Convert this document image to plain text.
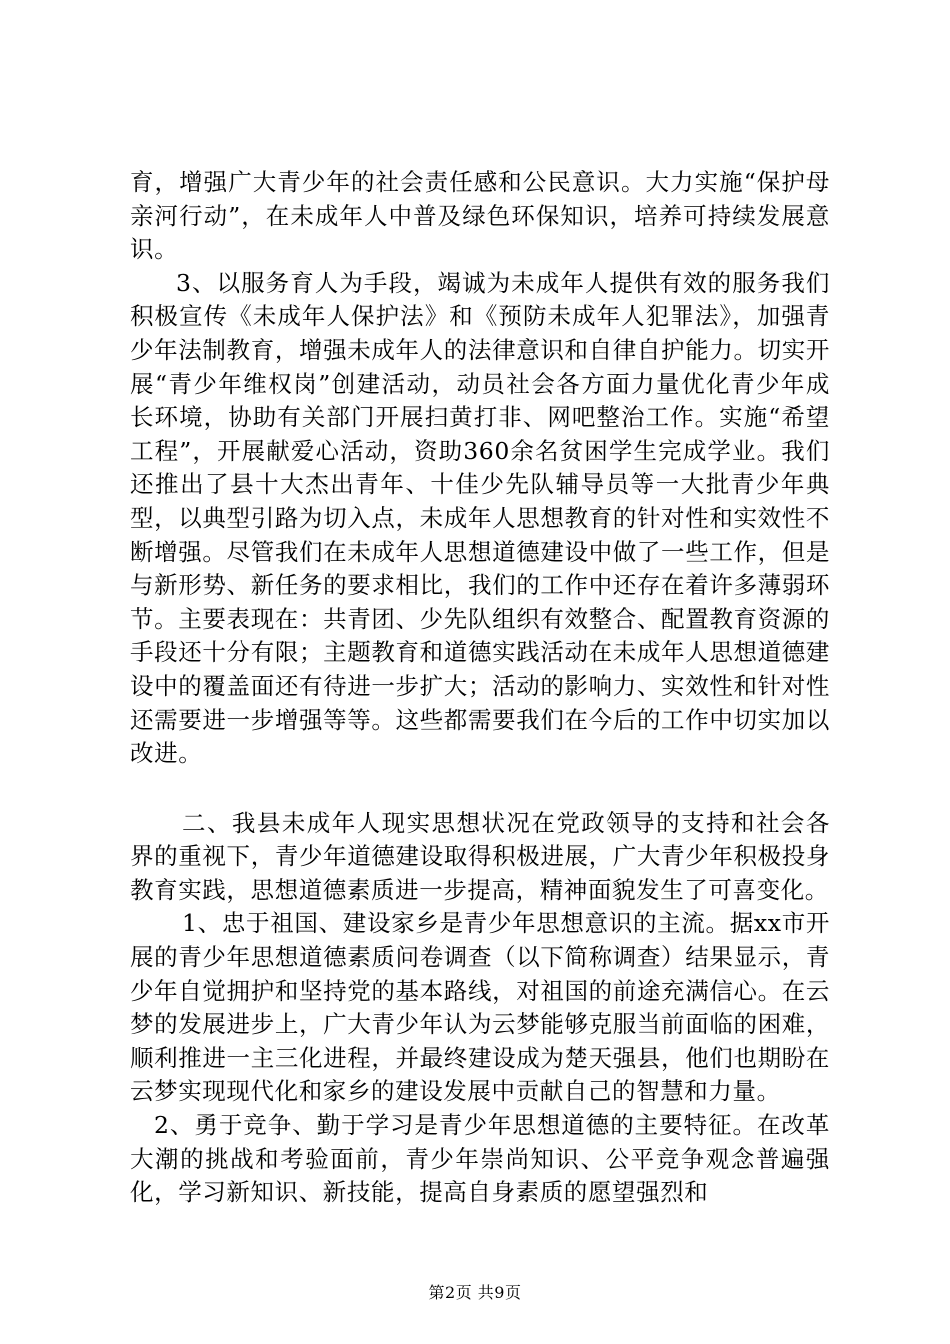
育，增强广大青少年的社会责任感和公民意识。大力实施“保护母亲河行动”，在未成年人中普及绿色环保知识，培养可持续发展意识。

3、以服务育人为手段，竭诚为未成年人提供有效的服务我们积极宣传《未成年人保护法》和《预防未成年人犯罪法》，加强青少年法制教育，增强未成年人的法律意识和自律自护能力。切实开展“青少年维权岗”创建活动，动员社会各方面力量优化青少年成长环境，协助有关部门开展扫黄打非、网吧整治工作。实施“希望工程”，开展献爱心活动，资助360余名贫困学生完成学业。我们还推出了县十大杰出青年、十佳少先队辅导员等一大批青少年典型，以典型引路为切入点，未成年人思想教育的针对性和实效性不断增强。尽管我们在未成年人思想道德建设中做了一些工作，但是与新形势、新任务的要求相比，我们的工作中还存在着许多薄弱环节。主要表现在：共青团、少先队组织有效整合、配置教育资源的手段还十分有限；主题教育和道德实践活动在未成年人思想道德建设中的覆盖面还有待进一步扩大；活动的影响力、实效性和针对性还需要进一步增强等等。这些都需要我们在今后的工作中切实加以改进。

二、我县未成年人现实思想状况在党政领导的支持和社会各界的重视下，青少年道德建设取得积极进展，广大青少年积极投身教育实践，思想道德素质进一步提高，精神面貌发生了可喜变化。

1、忠于祖国、建设家乡是青少年思想意识的主流。据xx市开展的青少年思想道德素质问卷调查（以下简称调查）结果显示，青少年自觉拥护和坚持党的基本路线，对祖国的前途充满信心。在云梦的发展进步上，广大青少年认为云梦能够克服当前面临的困难，顺利推进一主三化进程，并最终建设成为楚天强县，他们也期盼在云梦实现现代化和家乡的建设发展中贡献自己的智慧和力量。

2、勇于竞争、勤于学习是青少年思想道德的主要特征。在改革大潮的挑战和考验面前，青少年崇尚知识、公平竞争观念普遍强化，学习新知识、新技能，提高自身素质的愿望强烈和

第2页 共9页
